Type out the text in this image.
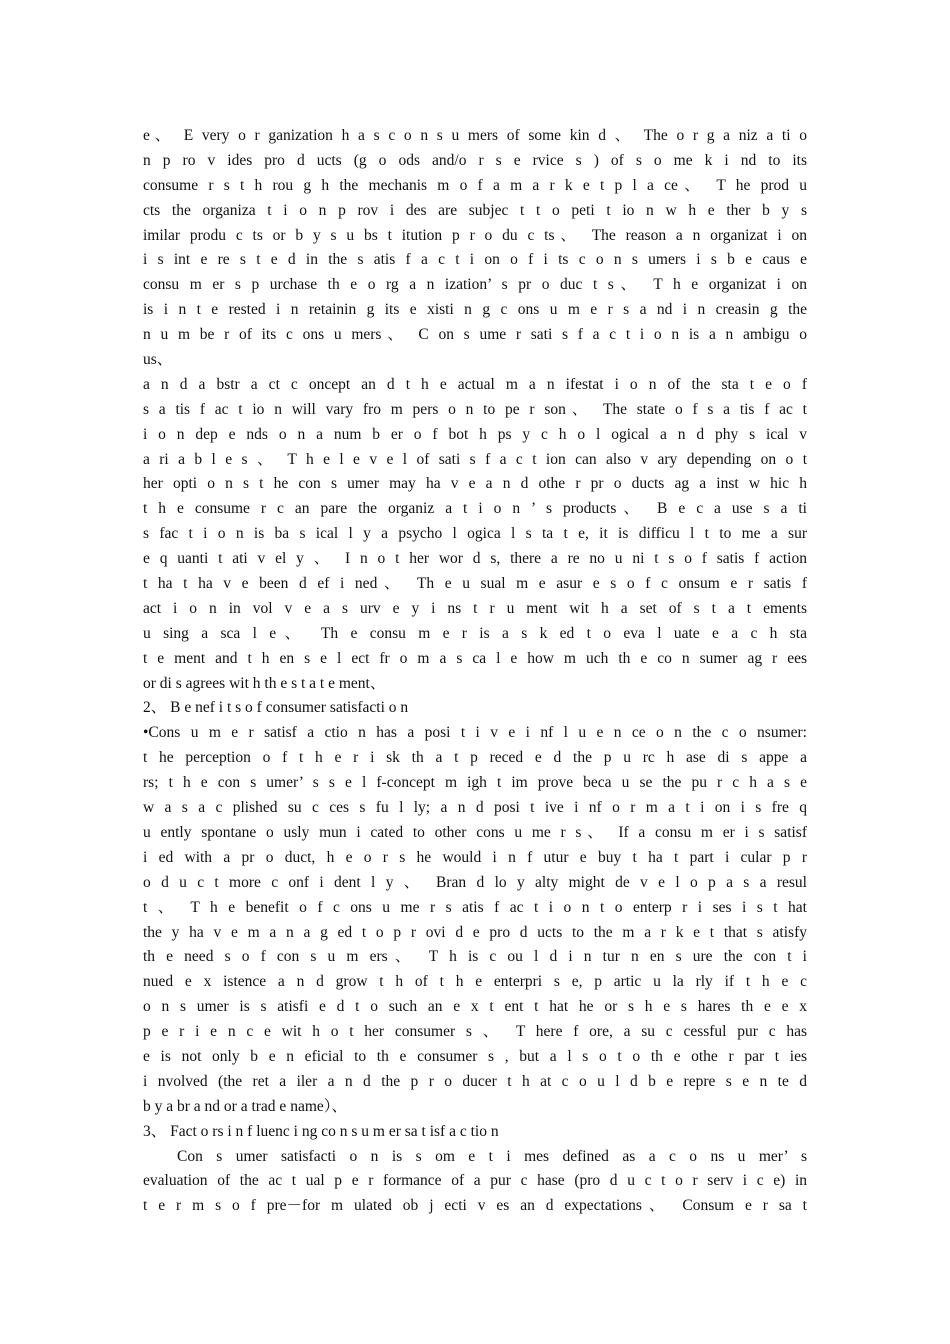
e、 E very o r ganization h a s c o n s u mers of some kin d 、 The o r g a niz a ti o
n p ro v ides pro d ucts (g o ods and/o r s e rvice s ) of s o me k i nd to its
consume r s t h rou g h the mechanis m o f a m a r k e t p l a ce、 T he prod u
cts the organiza t i o n p rov i des are subjec t t o peti t io n w h e ther b y s
imilar produ c ts or b y s u bs t itution p r o du c ts、 The reason a n organizat i on
i s int e re s t e d in the s atis f a c t i on o f i ts c o n s umers i s b e caus e
consu m er s p urchase th e o rg a n ization’ s pr o duc t s、 T h e organizat i on
is i n t e rested i n retainin g its e xisti n g c ons u m e r s a nd i n creasin g the
n u m be r of its c ons u mers、 C on s ume r sati s f a c t i o n is a n ambigu o
us、
a n d a bstr a ct c oncept an d t h e actual m a n ifestat i o n of the sta t e o f
s a tis f ac t io n will vary fro m pers o n to pe r son、 The state o f s a tis f ac t
i o n dep e nds o n a num b er o f bot h ps y c h o l ogical a n d phy s ical v
a ri a b l e s 、 T h e l e v e l of sati s f a c t ion can also v ary depending on o t
her opti o n s t he con s umer may ha v e a n d othe r pr o ducts ag a inst w hic h
t h e consume r c an pare the organiz a t i o n ’ s products、 B e c a use s a ti
s fac t i o n is ba s ical l y a psycho l ogica l s ta t e, it is difficu l t to me a sur
e q uanti t ati v el y 、 I n o t her wor d s, there a re no u ni t s o f satis f action
t ha t ha v e been d ef i ned、 Th e u sual m e asur e s o f c onsum e r satis f
act i o n in vol v e a s urv e y i ns t r u ment wit h a set of s t a t ements
u sing a sca l e、 Th e consu m e r is a s k ed t o eva l uate e a c h sta
t e ment and t h en s e l ect fr o m a s ca l e how m uch th e co n sumer ag r ees
or di s agrees wit h th e s t a t e ment、
2、 B e nef i t s o f consumer satisfacti o n
•Cons u m e r satisf a ctio n has a posi t i v e i nf l u e n ce o n the c o nsumer:
t he perception o f t h e r i sk th a t p reced e d the p u rc h ase di s appe a
rs; t h e con s umer’ s s e l f-concept m igh t im prove beca u se the pu r c h a s e
w a s a c plished su c ces s fu l ly; a n d posi t ive i nf o r m a t i on i s fre q
u ently spontane o usly mun i cated to other cons u me r s、 If a consu m er i s satisf
i ed with a pr o duct, h e o r s he would i n f utur e buy t ha t part i cular p r
o d u c t more c onf i dent l y 、 Bran d lo y alty might de v e l o p a s a resul
t 、 T h e benefit o f c ons u me r s atis f ac t i o n t o enterp r i ses i s t hat
the y ha v e m a n a g ed t o p r ovi d e pro d ucts to the m a r k e t that s atisfy
th e need s o f con s u m ers、 T h is c ou l d i n tur n en s ure the con t i
nued e x istence a n d grow t h of t h e enterpri s e, p artic u la rly if t h e c
o n s umer is s atisfi e d t o such an e x t ent t hat he or s h e s hares th e e x
p e r i e n c e wit h o t her consumer s 、 T here f ore, a su c cessful pur c has
e is not only b e n eficial to th e consumer s , but a l s o t o th e othe r par t ies
i nvolved (the ret a iler a n d the p r o ducer t h at c o u l d b e repre s e n te d
b y a br a nd or a trad e name）、
3、 Fact o rs i n f luenc i ng co n s u m er sa t isf a c tio n
Con s umer satisfacti o n is s om e t i mes defined as a c o ns u mer’ s
evaluation of the ac t ual p e r formance of a pur c hase (pro d u c t o r serv i c e) in
t e r m s o f pre－for m ulated ob j ecti v es an d expectations、 Consum e r sa t
